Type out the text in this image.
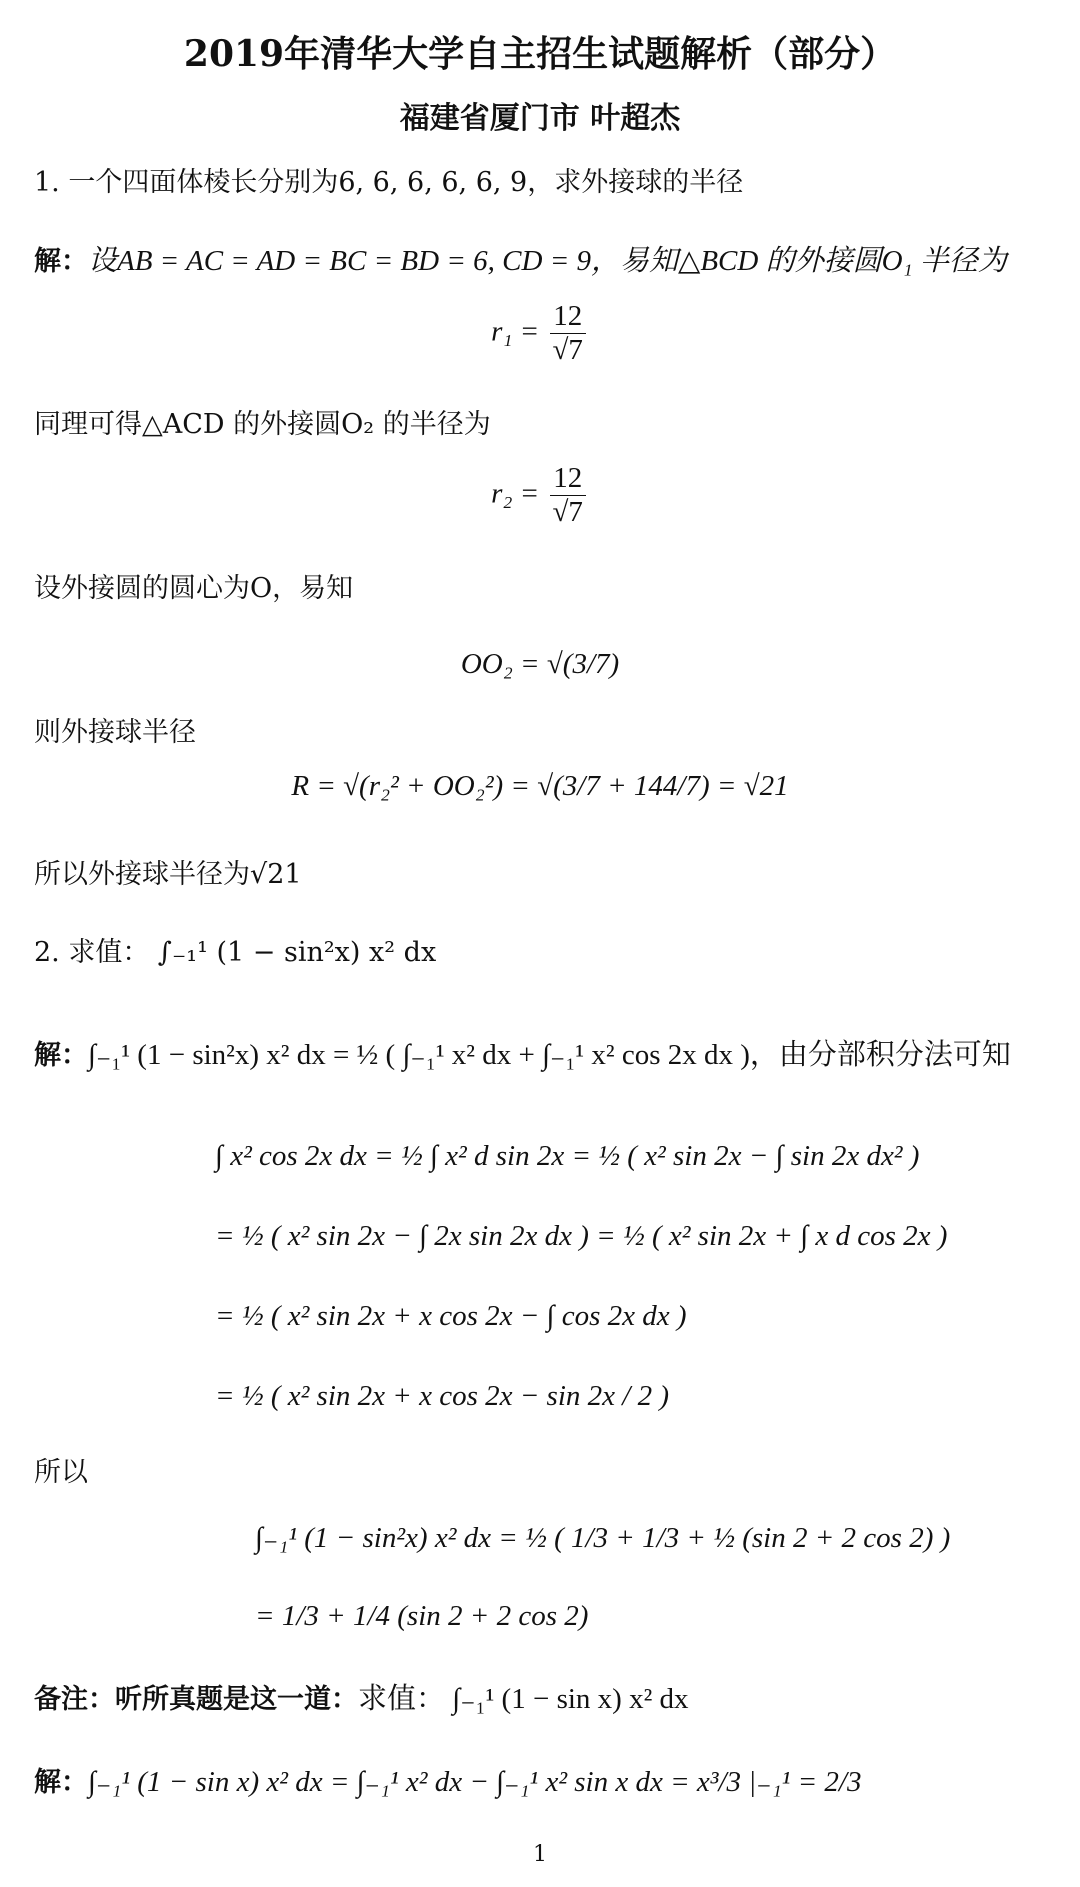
2019年清华大学自主招生试题解析（部分）
福建省厦门市 叶超杰
1. 一个四面体棱长分别为6, 6, 6, 6, 6, 9，求外接球的半径
解：设AB = AC = AD = BC = BD = 6, CD = 9，易知△BCD 的外接圆O₁ 半径为
$r_1 = \frac{12}{√7}$
同理可得△ACD 的外接圆O₂ 的半径为
$r_2 = \frac{12}{√7}$
设外接圆的圆心为O，易知
OO₂ = √(3/7)
则外接球半径
R = √(r₂² + OO₂²) = √(3/7 + 144/7) = √21
所以外接球半径为√21
2. 求值： ∫₋₁¹ (1 − sin²x) x² dx
解：∫₋₁¹ (1 − sin²x) x² dx = ½ ( ∫₋₁¹ x² dx + ∫₋₁¹ x² cos 2x dx )，由分部积分法可知
∫ x² cos 2x dx = ½ ∫ x² d sin 2x = ½ ( x² sin 2x − ∫ sin 2x dx² )
= ½ ( x² sin 2x − ∫ 2x sin 2x dx ) = ½ ( x² sin 2x + ∫ x d cos 2x )
= ½ ( x² sin 2x + x cos 2x − ∫ cos 2x dx )
= ½ ( x² sin 2x + x cos 2x − sin 2x / 2 )
所以
∫₋₁¹ (1 − sin²x) x² dx = ½ ( 1/3 + 1/3 + ½ (sin 2 + 2 cos 2) )
= 1/3 + 1/4 (sin 2 + 2 cos 2)
备注：听所真题是这一道：求值： ∫₋₁¹ (1 − sin x) x² dx
解：∫₋₁¹ (1 − sin x) x² dx = ∫₋₁¹ x² dx − ∫₋₁¹ x² sin x dx = x³/3 |₋₁¹ = 2/3
1
